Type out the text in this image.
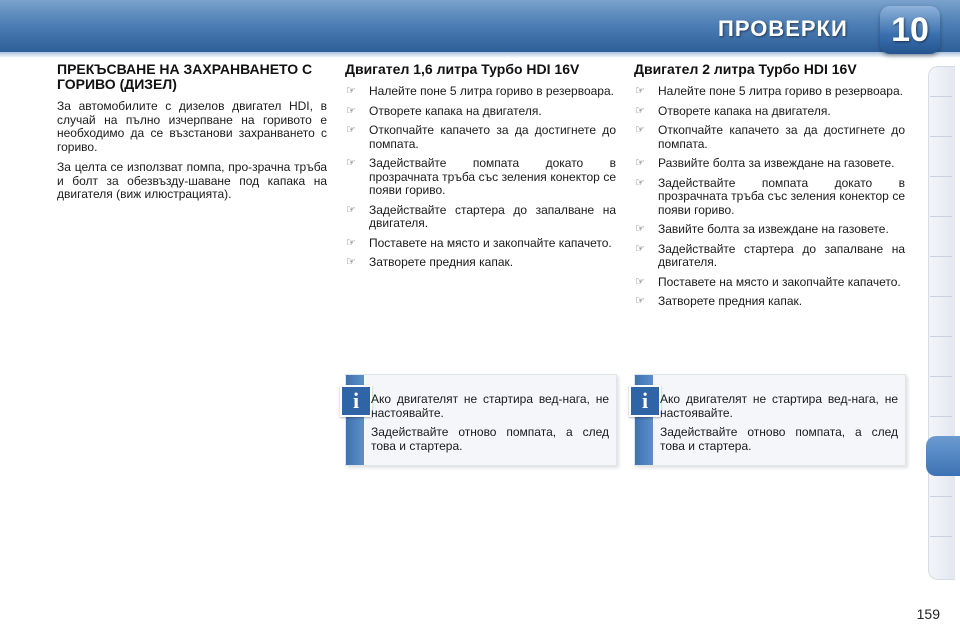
ПРОВЕРКИ	10
ПРЕКЪСВАНЕ НА ЗАХРАНВАНЕТО С ГОРИВО (ДИЗЕЛ)

За автомобилите с дизелов двигател HDI, в случай на пълно изчерпване на горивото е необходимо да се възстанови захранването с гориво.

За целта се използват помпа, про-зрачна тръба и болт за обезвъзду-шаване под капака на двигателя (виж илюстрацията).

Двигател 1,6 литра Турбо HDI 16V
☞ Налейте поне 5 литра гориво в резервоара.
☞ Отворете капака на двигателя.
☞ Откопчайте капачето за да достигнете до помпата.
☞ Задействайте помпата докато в прозрачната тръба със зеления конектор се появи гориво.
☞ Задействайте стартера до запалване на двигателя.
☞ Поставете на място и закопчайте капачето.
☞ Затворете предния капак.
Двигател 2 литра Турбо HDI 16V
☞ Налейте поне 5 литра гориво в резервоара.
☞ Отворете капака на двигателя.
☞ Откопчайте капачето за да достигнете до помпата.
☞ Развийте болта за извеждане на газовете.
☞ Задействайте помпата докато в прозрачната тръба със зеления конектор се появи гориво.
☞ Завийте болта за извеждане на газовете.
☞ Задействайте стартера до запалване на двигателя.
☞ Поставете на място и закопчайте капачето.
☞ Затворете предния капак.
i Ако двигателят не стартира вед-нага, не настоявайте.

Задействайте отново помпата, а след това и стартера.

i Ако двигателят не стартира вед-нага, не настоявайте.

Задействайте отново помпата, а след това и стартера.

159
